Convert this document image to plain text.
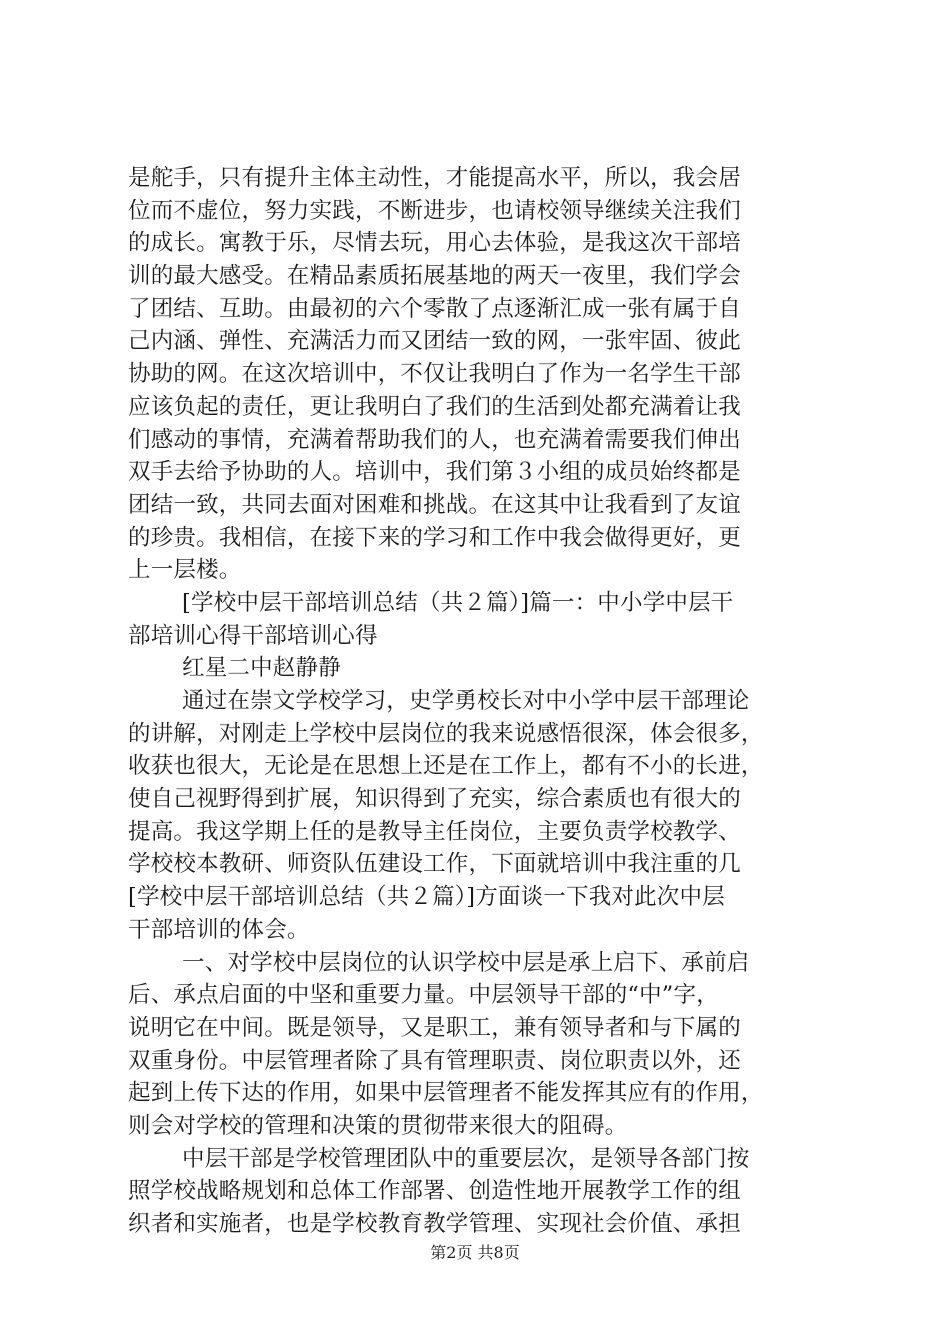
是舵手，只有提升主体主动性，才能提高水平，所以，我会居
位而不虚位，努力实践，不断进步，也请校领导继续关注我们
的成长。寓教于乐，尽情去玩，用心去体验，是我这次干部培
训的最大感受。在精品素质拓展基地的两天一夜里，我们学会
了团结、互助。由最初的六个零散了点逐渐汇成一张有属于自
己内涵、弹性、充满活力而又团结一致的网，一张牢固、彼此
协助的网。在这次培训中，不仅让我明白了作为一名学生干部
应该负起的责任，更让我明白了我们的生活到处都充满着让我
们感动的事情，充满着帮助我们的人，也充满着需要我们伸出
双手去给予协助的人。培训中，我们第３小组的成员始终都是
团结一致，共同去面对困难和挑战。在这其中让我看到了友谊
的珍贵。我相信，在接下来的学习和工作中我会做得更好，更
上一层楼。
[学校中层干部培训总结（共２篇）]篇一：中小学中层干
部培训心得干部培训心得
红星二中赵静静
通过在崇文学校学习，史学勇校长对中小学中层干部理论
的讲解，对刚走上学校中层岗位的我来说感悟很深，体会很多，
收获也很大，无论是在思想上还是在工作上，都有不小的长进，
使自己视野得到扩展，知识得到了充实，综合素质也有很大的
提高。我这学期上任的是教导主任岗位，主要负责学校教学、
学校校本教研、师资队伍建设工作，下面就培训中我注重的几
[学校中层干部培训总结（共２篇）]方面谈一下我对此次中层
干部培训的体会。
一、对学校中层岗位的认识学校中层是承上启下、承前启
后、承点启面的中坚和重要力量。中层领导干部的“中”字，
说明它在中间。既是领导，又是职工，兼有领导者和与下属的
双重身份。中层管理者除了具有管理职责、岗位职责以外，还
起到上传下达的作用，如果中层管理者不能发挥其应有的作用，
则会对学校的管理和决策的贯彻带来很大的阻碍。
中层干部是学校管理团队中的重要层次，是领导各部门按
照学校战略规划和总体工作部署、创造性地开展教学工作的组
织者和实施者，也是学校教育教学管理、实现社会价值、承担
第2页 共8页
